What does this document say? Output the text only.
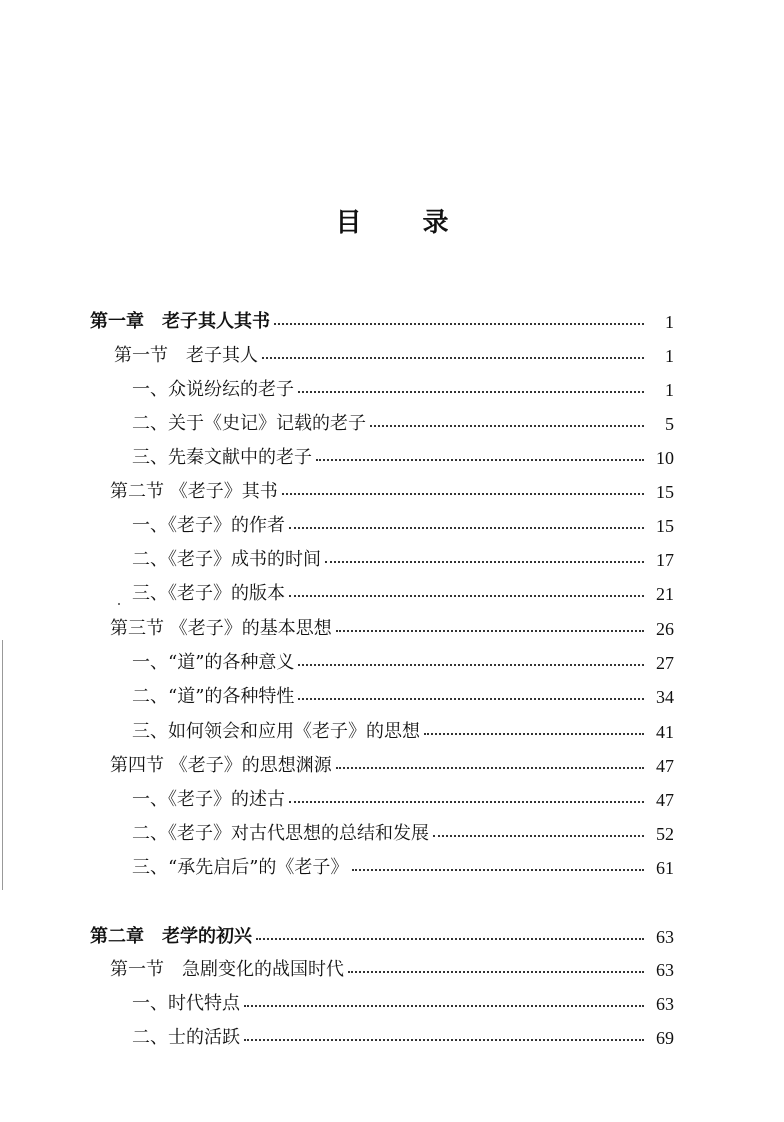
目 录
第一章　老子其人其书	1
第一节　老子其人	1
一、众说纷纭的老子	1
二、关于《史记》记载的老子	5
三、先秦文献中的老子	10
第二节 《老子》其书	15
一、《老子》的作者	15
二、《老子》成书的时间	17
三、《老子》的版本	21
第三节 《老子》的基本思想	26
一、“道”的各种意义	27
二、“道”的各种特性	34
三、如何领会和应用《老子》的思想	41
第四节 《老子》的思想渊源	47
一、《老子》的述古	47
二、《老子》对古代思想的总结和发展	52
三、“承先启后”的《老子》	61
第二章　老学的初兴	63
第一节　急剧变化的战国时代	63
一、时代特点	63
二、士的活跃	69
